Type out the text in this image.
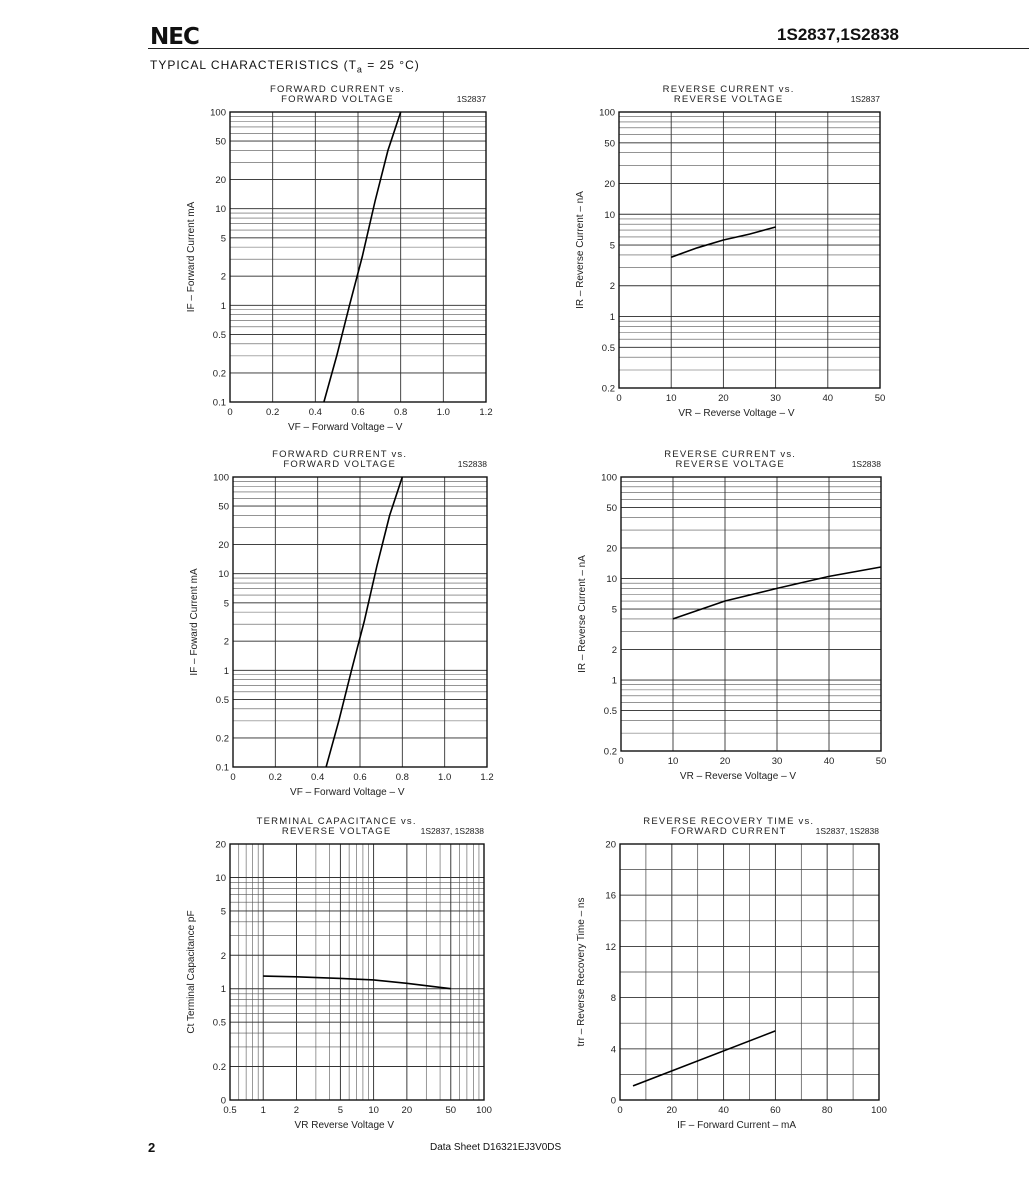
NEC	1S2837,1S2838
TYPICAL CHARACTERISTICS ($T_a = 25$ °C)
0	0.2	0.4	0.6	0.8	1.0	1.2
0.1
0.2
0.5
1
2
5
10
20
50
100
FORWARD CURRENT vs.
FORWARD VOLTAGE	1S2837
VF – Forward Voltage – V
IF – Forward Current mA
0	10	20	30	40	50
0.2
0.5
1
2
5
10
20
50
100
REVERSE CURRENT vs.
REVERSE VOLTAGE	1S2837
VR – Reverse Voltage – V
IR – Reverse Current – nA
0	0.2	0.4	0.6	0.8	1.0	1.2
0.1
0.2
0.5
1
2
5
10
20
50
100
FORWARD CURRENT vs.
FORWARD VOLTAGE	1S2838
VF – Forward Voltage – V
IF – Foward Current mA
0	10	20	30	40	50
0.2
0.5
1
2
5
10
20
50
100
REVERSE CURRENT vs.
REVERSE VOLTAGE	1S2838
VR – Reverse Voltage – V
IR – Reverse Current – nA
0.5	1	2	5	10 20	50 100
0
0.2
0.5
1
2
5
10
20
TERMINAL CAPACITANCE vs.
REVERSE VOLTAGE	1S2837, 1S2838
VR Reverse Voltage V
Ct Terminal Capacitance pF
0	20	40	60	80	100
0
4
8
12
16
20
REVERSE RECOVERY TIME vs.
FORWARD CURRENT	1S2837, 1S2838
IF – Forward Current – mA
trr – Reverse Recovery Time – ns
2	Data Sheet D16321EJ3V0DS
